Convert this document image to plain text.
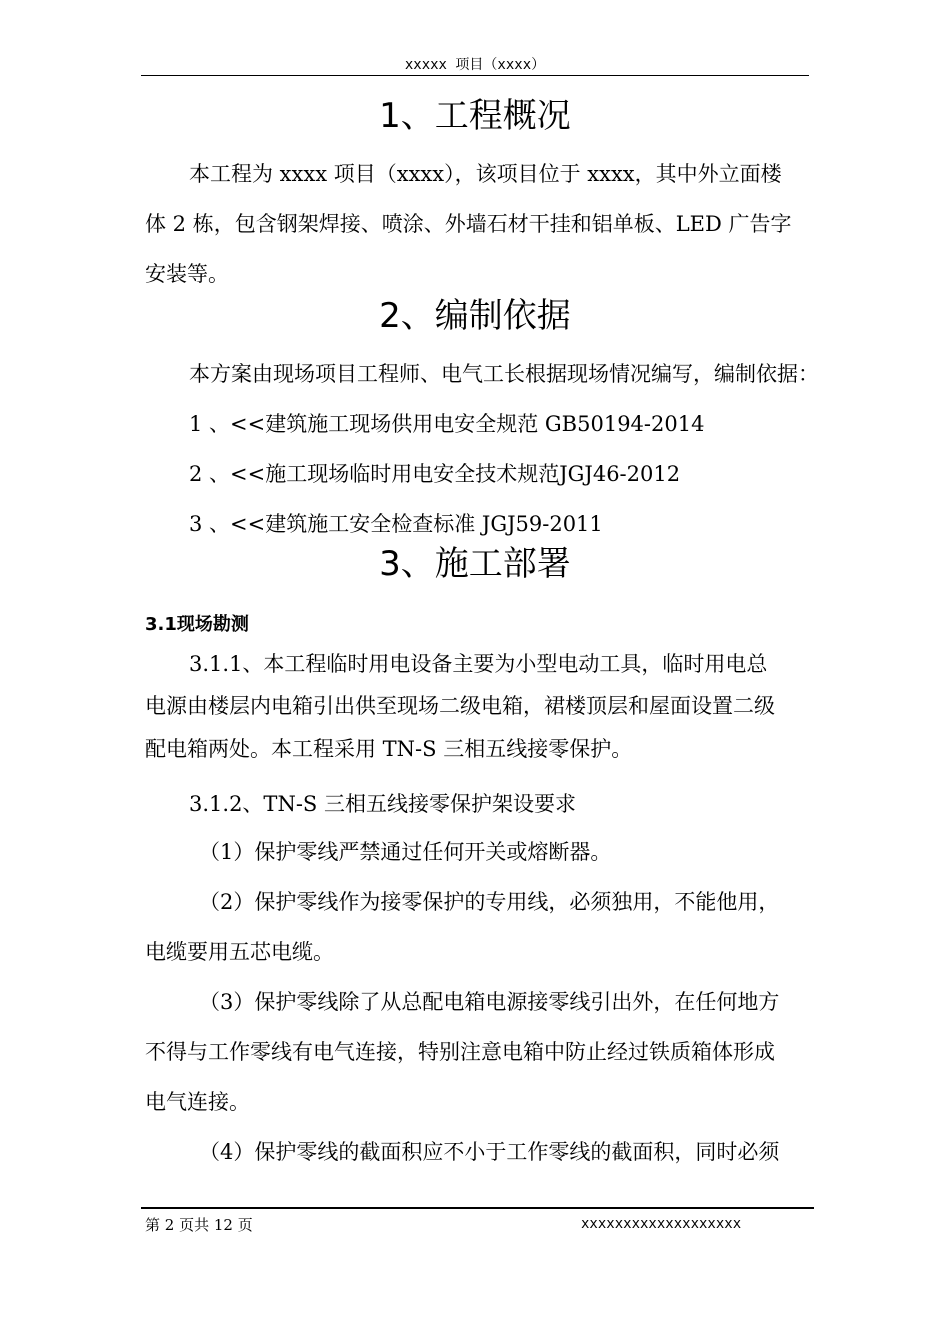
xxxxx 项目（xxxx）
1、工程概况
本工程为 xxxx 项目（xxxx），该项目位于 xxxx，其中外立面楼
体 2 栋，包含钢架焊接、喷涂、外墙石材干挂和铝单板、LED 广告字
安装等。
2、编制依据
本方案由现场项目工程师、电气工长根据现场情况编写，编制依据：
1 、<<建筑施工现场供用电安全规范 GB50194-2014
2 、<<施工现场临时用电安全技术规范JGJ46-2012
3 、<<建筑施工安全检查标准 JGJ59-2011
3、施工部署
3.1现场勘测
3.1.1、本工程临时用电设备主要为小型电动工具，临时用电总
电源由楼层内电箱引出供至现场二级电箱，裙楼顶层和屋面设置二级
配电箱两处。本工程采用 TN-S 三相五线接零保护。
3.1.2、TN-S 三相五线接零保护架设要求
（1）保护零线严禁通过任何开关或熔断器。
（2）保护零线作为接零保护的专用线，必须独用，不能他用，
电缆要用五芯电缆。
（3）保护零线除了从总配电箱电源接零线引出外，在任何地方
不得与工作零线有电气连接，特别注意电箱中防止经过铁质箱体形成
电气连接。
（4）保护零线的截面积应不小于工作零线的截面积，同时必须
第 2 页共 12 页	xxxxxxxxxxxxxxxxxxx
